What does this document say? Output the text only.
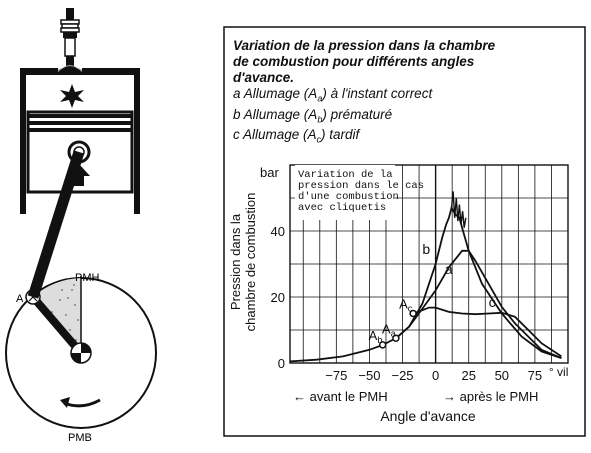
A
PMH
PMB
−75 −50 −25 0 25 50 75 ° vil
0
20
40
bar
Pression dans lachambre de combustion
← avant le PMH	→ après le PMH
Angle d'avance
Variation de la
pression dans le cas
d'une combustion
avec cliquetis
$A_b$
$A_a$
$A_c$
b
a
c
Variation de la pression dans la chambre
de combustion pour différents angles
d'avance.
a Allumage $(A_a)$ à l'instant correct
b Allumage $(A_b)$ prématuré
c Allumage $(A_c)$ tardif
